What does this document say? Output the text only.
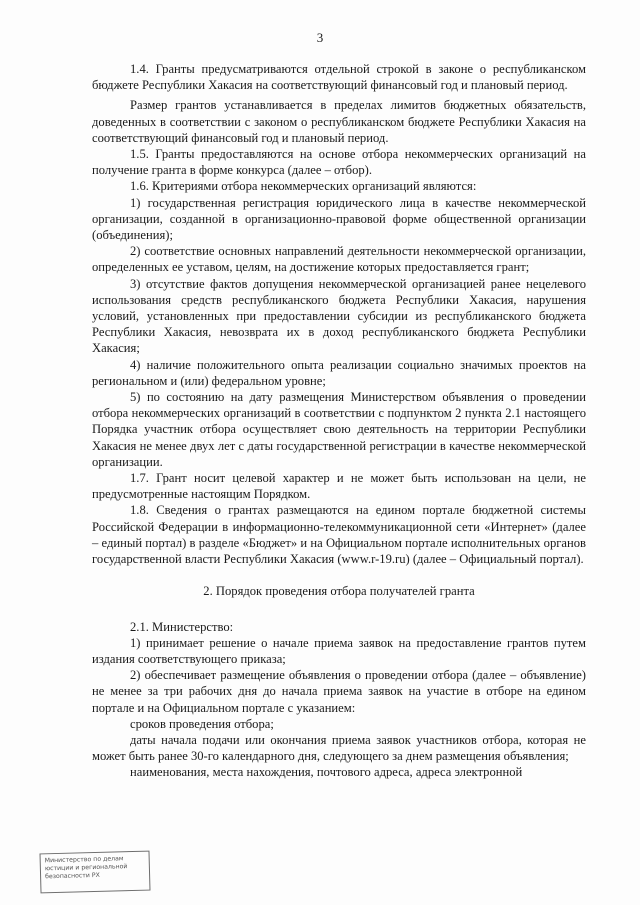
3

1.4. Гранты предусматриваются отдельной строкой в законе о республиканском бюджете Республики Хакасия на соответствующий финансовый год и плановый период.

Размер грантов устанавливается в пределах лимитов бюджетных обязательств, доведенных в соответствии с законом о республиканском бюджете Республики Хакасия на соответствующий финансовый год и плановый период.

1.5. Гранты предоставляются на основе отбора некоммерческих организаций на получение гранта в форме конкурса (далее – отбор).

1.6. Критериями отбора некоммерческих организаций являются:

1) государственная регистрация юридического лица в качестве некоммерческой организации, созданной в организационно-правовой форме общественной организации (объединения);

2) соответствие основных направлений деятельности некоммерческой организации, определенных ее уставом, целям, на достижение которых предоставляется грант;

3) отсутствие фактов допущения некоммерческой организацией ранее нецелевого использования средств республиканского бюджета Республики Хакасия, нарушения условий, установленных при предоставлении субсидии из республиканского бюджета Республики Хакасия, невозврата их в доход республиканского бюджета Республики Хакасия;

4) наличие положительного опыта реализации социально значимых проектов на региональном и (или) федеральном уровне;

5) по состоянию на дату размещения Министерством объявления о проведении отбора некоммерческих организаций в соответствии с подпунктом 2 пункта 2.1 настоящего Порядка участник отбора осуществляет свою деятельность на территории Республики Хакасия не менее двух лет с даты государственной регистрации в качестве некоммерческой организации.

1.7. Грант носит целевой характер и не может быть использован на цели, не предусмотренные настоящим Порядком.

1.8. Сведения о грантах размещаются на едином портале бюджетной системы Российской Федерации в информационно-телекоммуникационной сети «Интернет» (далее – единый портал) в разделе «Бюджет» и на Официальном портале исполнительных органов государственной власти Республики Хакасия (www.r-19.ru) (далее – Официальный портал).

2. Порядок проведения отбора получателей гранта

2.1. Министерство:

1) принимает решение о начале приема заявок на предоставление грантов путем издания соответствующего приказа;

2) обеспечивает размещение объявления о проведении отбора (далее – объявление) не менее за три рабочих дня до начала приема заявок на участие в отборе на едином портале и на Официальном портале с указанием:

сроков проведения отбора;

даты начала подачи или окончания приема заявок участников отбора, которая не может быть ранее 30-го календарного дня, следующего за днем размещения объявления;

наименования, места нахождения, почтового адреса, адреса электронной

Министерство по делам
юстиции и региональной
безопасности РХ
